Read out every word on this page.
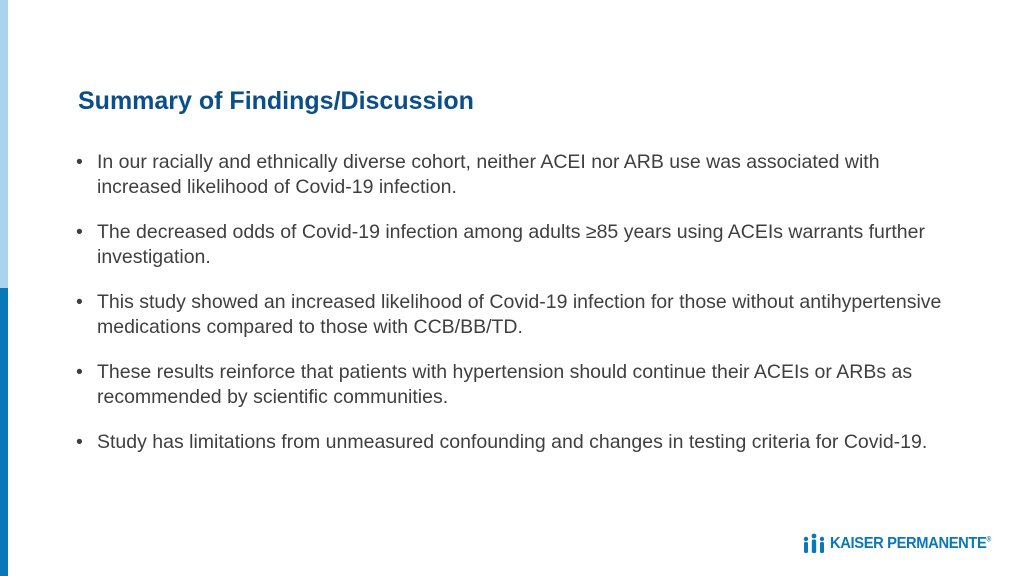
Summary of Findings/Discussion
• In our racially and ethnically diverse cohort, neither ACEI nor ARB use was associated with increased likelihood of Covid-19 infection.
• The decreased odds of Covid-19 infection among adults ≥85 years using ACEIs warrants further investigation.
• This study showed an increased likelihood of Covid-19 infection for those without antihypertensive medications compared to those with CCB/BB/TD.
• These results reinforce that patients with hypertension should continue their ACEIs or ARBs as recommended by scientific communities.
• Study has limitations from unmeasured confounding and changes in testing criteria for Covid-19.
KAISER PERMANENTE®
